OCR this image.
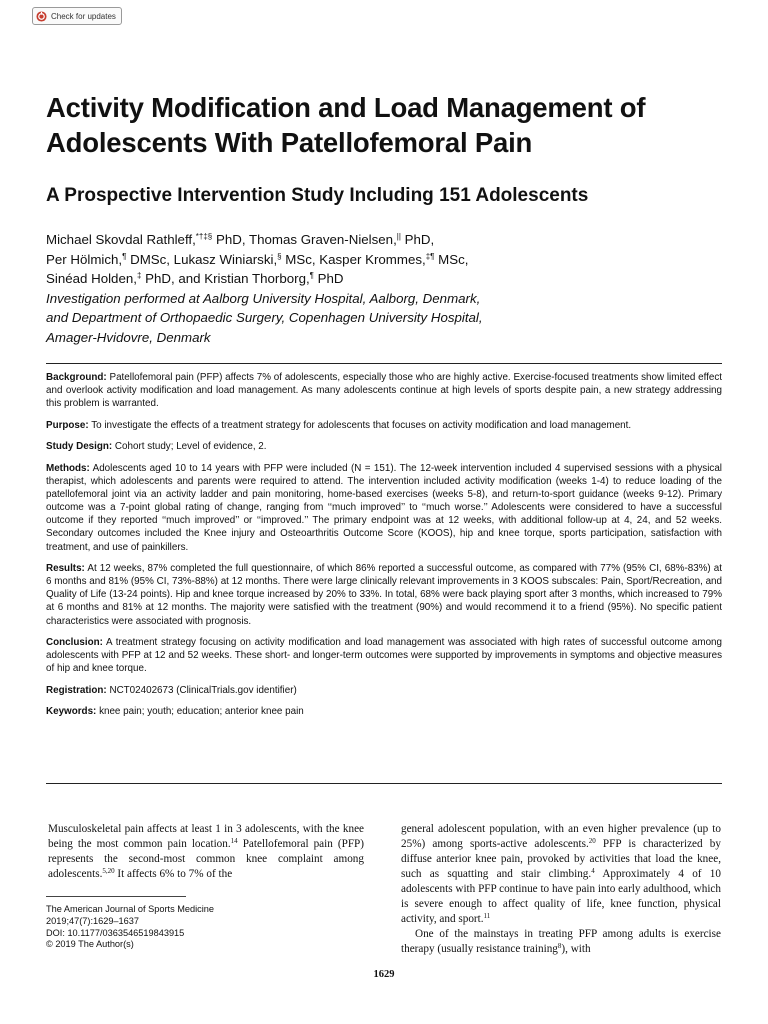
Check for updates
Activity Modification and Load Management of Adolescents With Patellofemoral Pain
A Prospective Intervention Study Including 151 Adolescents
Michael Skovdal Rathleff,*†‡§ PhD, Thomas Graven-Nielsen,|| PhD,
Per Hölmich,¶ DMSc, Lukasz Winiarski,§ MSc, Kasper Krommes,‡¶ MSc,
Sinéad Holden,‡ PhD, and Kristian Thorborg,¶ PhD
Investigation performed at Aalborg University Hospital, Aalborg, Denmark,
and Department of Orthopaedic Surgery, Copenhagen University Hospital,
Amager-Hvidovre, Denmark

Background: Patellofemoral pain (PFP) affects 7% of adolescents, especially those who are highly active. Exercise-focused treatments show limited effect and overlook activity modification and load management. As many adolescents continue at high levels of sports despite pain, a new strategy addressing this problem is warranted.

Purpose: To investigate the effects of a treatment strategy for adolescents that focuses on activity modification and load management.

Study Design: Cohort study; Level of evidence, 2.

Methods: Adolescents aged 10 to 14 years with PFP were included (N = 151). The 12-week intervention included 4 supervised sessions with a physical therapist, which adolescents and parents were required to attend. The intervention included activity modification (weeks 1-4) to reduce loading of the patellofemoral joint via an activity ladder and pain monitoring, home-based exercises (weeks 5-8), and return-to-sport guidance (weeks 9-12). Primary outcome was a 7-point global rating of change, ranging from ‘‘much improved’’ to ‘‘much worse.’’ Adolescents were considered to have a successful outcome if they reported ‘‘much improved’’ or ‘‘improved.’’ The primary endpoint was at 12 weeks, with additional follow-up at 4, 24, and 52 weeks. Secondary outcomes included the Knee injury and Osteoarthritis Outcome Score (KOOS), hip and knee torque, sports participation, satisfaction with treatment, and use of painkillers.

Results: At 12 weeks, 87% completed the full questionnaire, of which 86% reported a successful outcome, as compared with 77% (95% CI, 68%-83%) at 6 months and 81% (95% CI, 73%-88%) at 12 months. There were large clinically relevant improvements in 3 KOOS subscales: Pain, Sport/Recreation, and Quality of Life (13-24 points). Hip and knee torque increased by 20% to 33%. In total, 68% were back playing sport after 3 months, which increased to 79% at 6 months and 81% at 12 months. The majority were satisfied with the treatment (90%) and would recommend it to a friend (95%). No specific patient characteristics were associated with prognosis.

Conclusion: A treatment strategy focusing on activity modification and load management was associated with high rates of successful outcome among adolescents with PFP at 12 and 52 weeks. These short- and longer-term outcomes were supported by improvements in symptoms and objective measures of hip and knee torque.

Registration: NCT02402673 (ClinicalTrials.gov identifier)

Keywords: knee pain; youth; education; anterior knee pain

Musculoskeletal pain affects at least 1 in 3 adolescents, with the knee being the most common pain location.$^{14}$ Patellofemoral pain (PFP) represents the second-most common knee complaint among adolescents.$^{5,20}$ It affects 6% to 7% of the
The American Journal of Sports Medicine
2019;47(7):1629–1637
DOI: 10.1177/0363546519843915
© 2019 The Author(s)
general adolescent population, with an even higher prevalence (up to 25%) among sports-active adolescents.$^{20}$ PFP is characterized by diffuse anterior knee pain, provoked by activities that load the knee, such as squatting and stair climbing.$^4$ Approximately 4 of 10 adolescents with PFP continue to have pain into early adulthood, which is severe enough to affect quality of life, knee function, physical activity, and sport.$^{11}$
One of the mainstays in treating PFP among adults is exercise therapy (usually resistance training$^8$), with
1629
